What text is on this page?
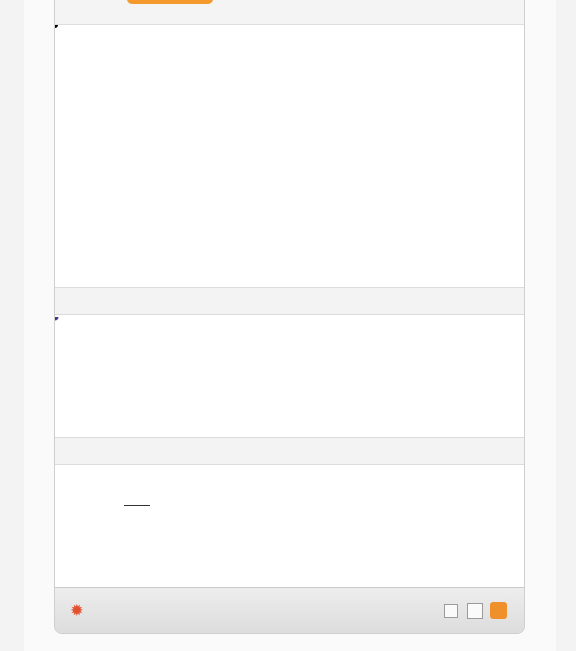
✹
